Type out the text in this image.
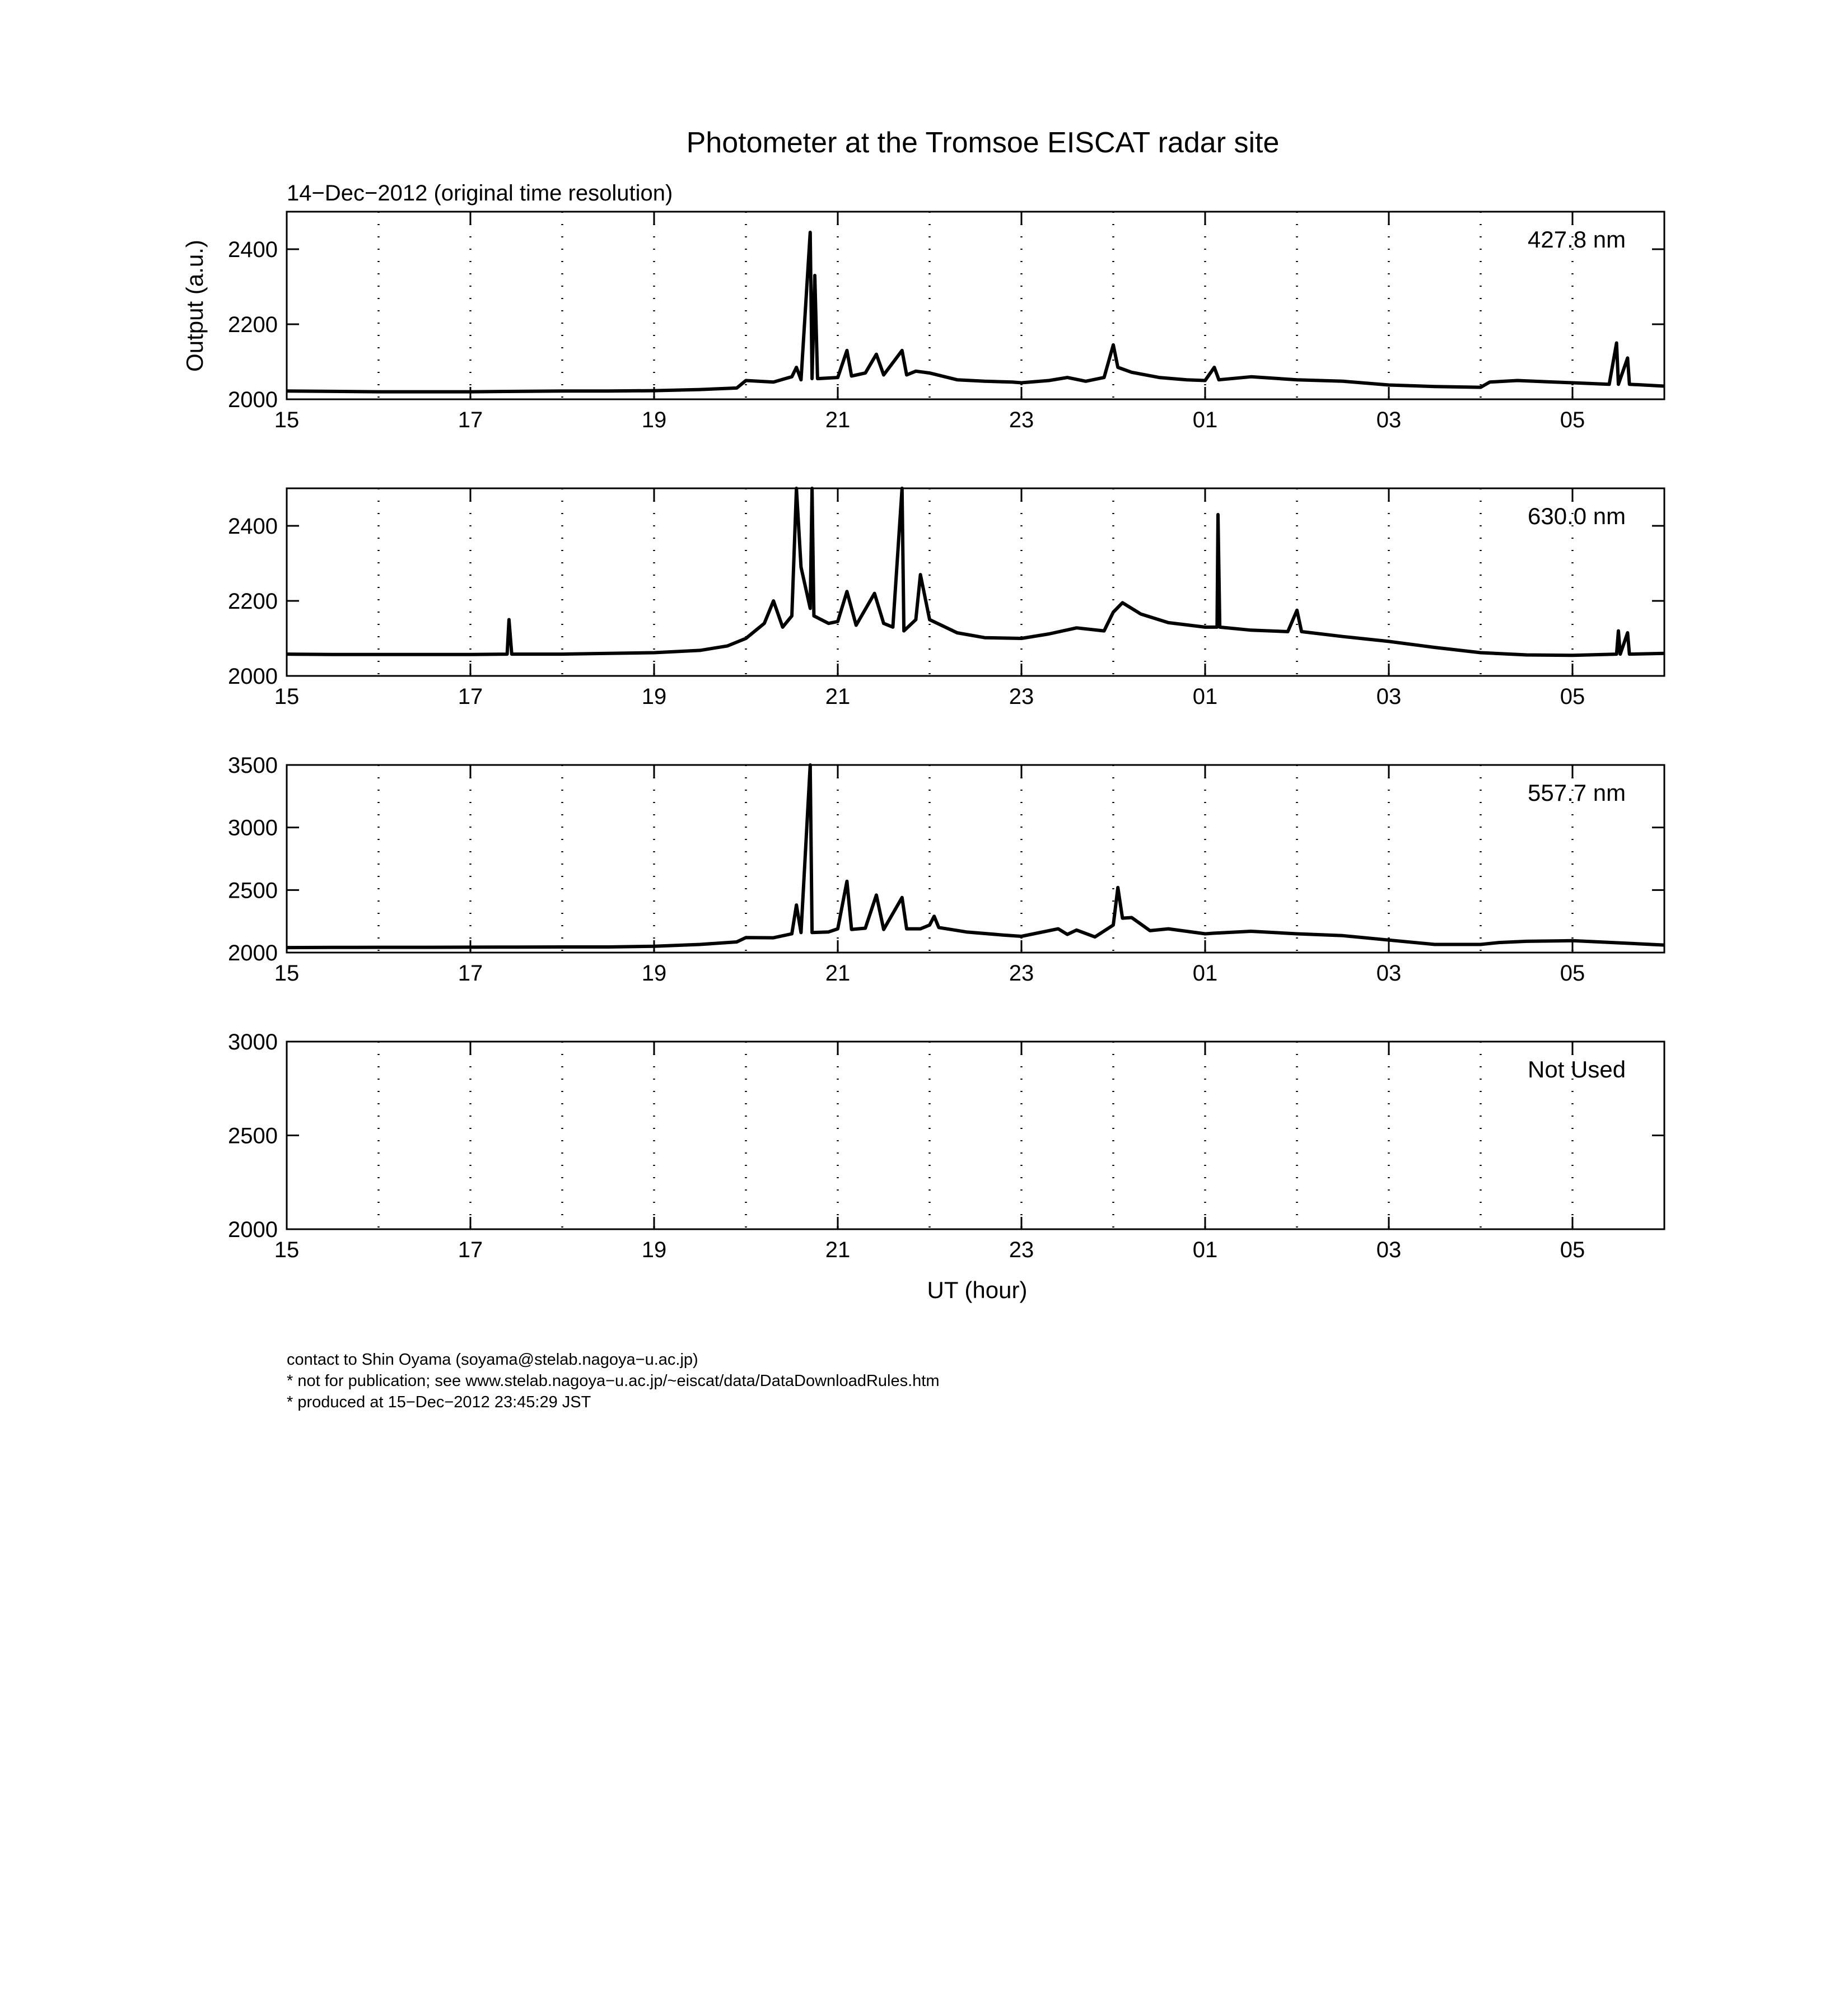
Photometer at the Tromsoe EISCAT radar site
14−Dec−2012 (original time resolution)
Output (a.u.)
UT (hour)
15	17	19	21	23	01	03	05
2000
2200
2400	427.8 nm
15	17	19	21	23	01	03	05
2000
2200
2400	630.0 nm
15	17	19	21	23	01	03	05
2000
2500
3000
3500
557.7 nm
15	17	19	21	23	01	03	05
2000
2500
3000
Not Used
contact to Shin Oyama (soyama@stelab.nagoya−u.ac.jp)
* not for publication; see www.stelab.nagoya−u.ac.jp/~eiscat/data/DataDownloadRules.htm
* produced at 15−Dec−2012 23:45:29 JST
